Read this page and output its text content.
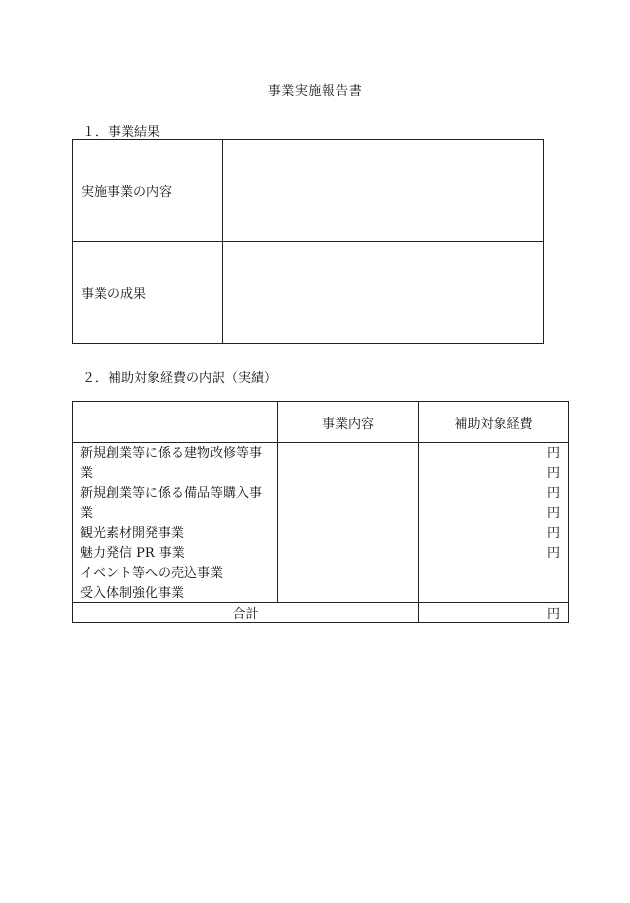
事業実施報告書
１．事業結果
実施事業の内容
事業の成果
２．補助対象経費の内訳（実績）
事業内容	補助対象経費
新規創業等に係る建物改修等事
業
新規創業等に係る備品等購入事
業
観光素材開発事業
魅力発信 PR 事業
イベント等への売込事業
受入体制強化事業
円
円
円
円
円
円
合計	円
